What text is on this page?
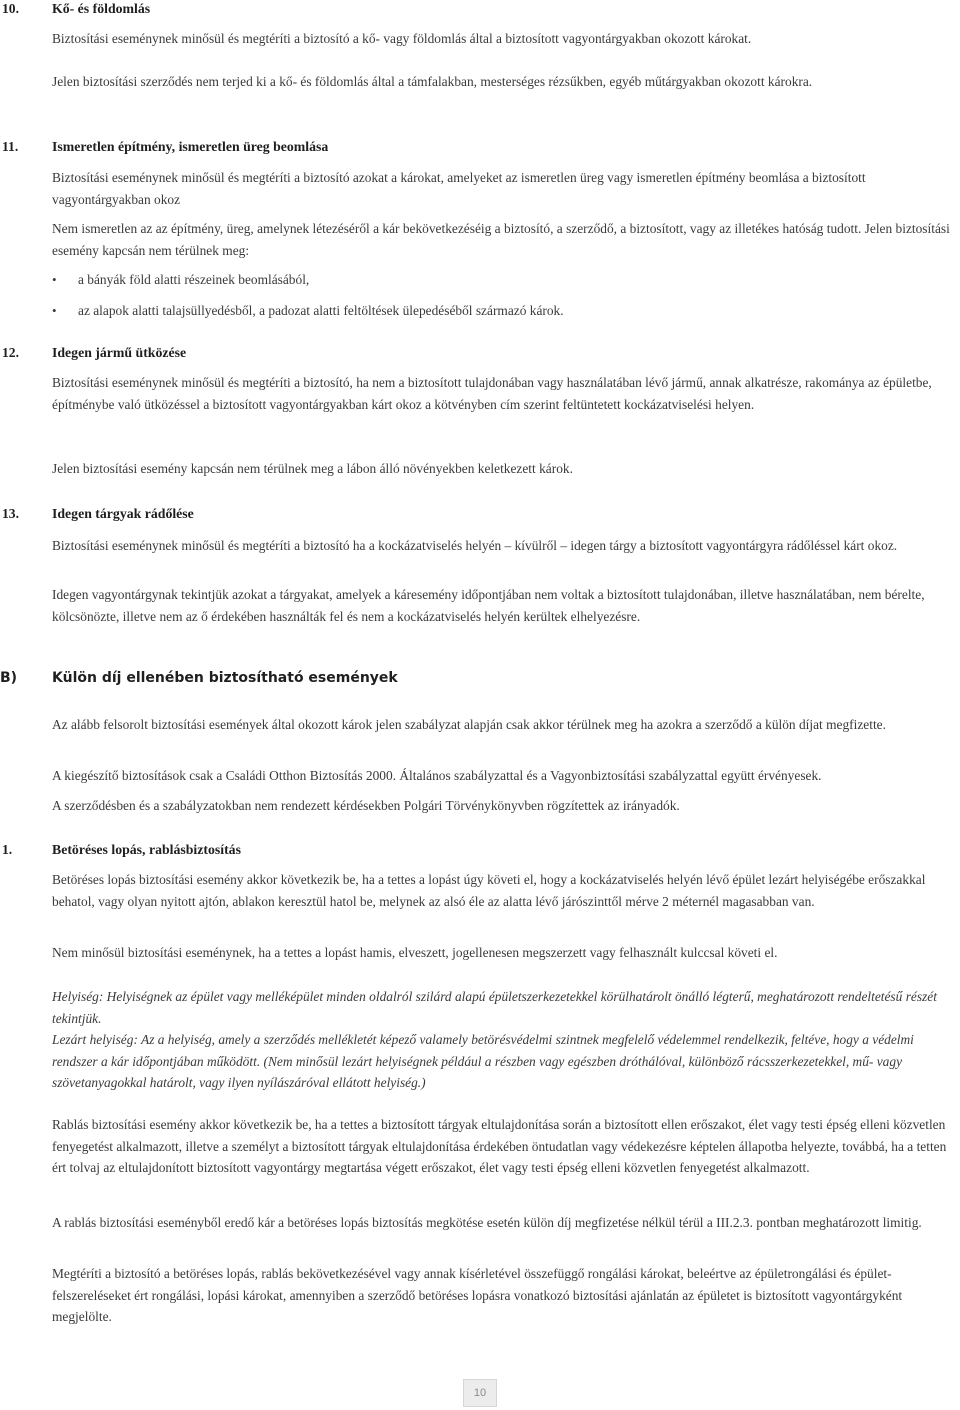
10. Kő- és földomlás

Biztosítási eseménynek minősül és megtéríti a biztosító a kő- vagy földomlás által a biztosított vagyontárgyakban okozott károkat.

Jelen biztosítási szerződés nem terjed ki a kő- és földomlás által a támfalakban, mesterséges rézsűkben, egyéb műtárgyakban okozott károkra.

11. Ismeretlen építmény, ismeretlen üreg beomlása

Biztosítási eseménynek minősül és megtéríti a biztosító azokat a károkat, amelyeket az ismeretlen üreg vagy ismeretlen építmény beomlása a biztosított vagyontárgyakban okoz

Nem ismeretlen az az építmény, üreg, amelynek létezéséről a kár bekövetkezéséig a biztosító, a szerződő, a biztosított, vagy az illetékes hatóság tudott. Jelen biztosítási esemény kapcsán nem térülnek meg:

• a bányák föld alatti részeinek beomlásából,
• az alapok alatti talajsüllyedésből, a padozat alatti feltöltések ülepedéséből származó károk.
12. Idegen jármű ütközése

Biztosítási eseménynek minősül és megtéríti a biztosító, ha nem a biztosított tulajdonában vagy használatában lévő jármű, annak alkatrésze, rakománya az épületbe, építménybe való ütközéssel a biztosított vagyontárgyakban kárt okoz a kötvényben cím szerint feltüntetett kockázatviselési helyen.

Jelen biztosítási esemény kapcsán nem térülnek meg a lábon álló növényekben keletkezett károk.

13. Idegen tárgyak rádőlése

Biztosítási eseménynek minősül és megtéríti a biztosító ha a kockázatviselés helyén – kívülről – idegen tárgy a biztosított vagyontárgyra rádőléssel kárt okoz.

Idegen vagyontárgynak tekintjük azokat a tárgyakat, amelyek a káresemény időpontjában nem voltak a biztosított tulajdonában, illetve használatában, nem bérelte, kölcsönözte, illetve nem az ő érdekében használták fel és nem a kockázatviselés helyén kerültek elhelyezésre.

B) Külön díj ellenében biztosítható események

Az alább felsorolt biztosítási események által okozott károk jelen szabályzat alapján csak akkor térülnek meg ha azokra a szerződő a külön díjat megfizette.

A kiegészítő biztosítások csak a Családi Otthon Biztosítás 2000. Általános szabályzattal és a Vagyonbiztosítási szabályzattal együtt érvényesek.

A szerződésben és a szabályzatokban nem rendezett kérdésekben Polgári Törvénykönyvben rögzítettek az irányadók.

1.	Betöréses lopás, rablásbiztosítás

Betöréses lopás biztosítási esemény akkor következik be, ha a tettes a lopást úgy követi el, hogy a kockázatviselés helyén lévő épület lezárt helyiségébe erőszakkal behatol, vagy olyan nyitott ajtón, ablakon keresztül hatol be, melynek az alsó éle az alatta lévő járószinttől mérve 2 méternél magasabban van.

Nem minősül biztosítási eseménynek, ha a tettes a lopást hamis, elveszett, jogellenesen megszerzett vagy felhasznált kulccsal követi el.

Helyiség: Helyiségnek az épület vagy melléképület minden oldalról szilárd alapú épületszerkezetekkel körülhatárolt önálló légterű, meghatározott rendeltetésű részét tekintjük.

Lezárt helyiség: Az a helyiség, amely a szerződés mellékletét képező valamely betörésvédelmi szintnek megfelelő védelemmel rendelkezik, feltéve, hogy a védelmi rendszer a kár időpontjában működött. (Nem minősül lezárt helyiségnek például a részben vagy egészben dróthálóval, különböző rácsszerkezetekkel, mű- vagy szövetanyagokkal határolt, vagy ilyen nyílászáróval ellátott helyiség.)

Rablás biztosítási esemény akkor következik be, ha a tettes a biztosított tárgyak eltulajdonítása során a biztosított ellen erőszakot, élet vagy testi épség elleni közvetlen fenyegetést alkalmazott, illetve a személyt a biztosított tárgyak eltulajdonítása érdekében öntudatlan vagy védekezésre képtelen állapotba helyezte, továbbá, ha a tetten ért tolvaj az eltulajdonított biztosított vagyontárgy megtartása végett erőszakot, élet vagy testi épség elleni közvetlen fenyegetést alkalmazott.

A rablás biztosítási eseményből eredő kár a betöréses lopás biztosítás megkötése esetén külön díj megfizetése nélkül térül a III.2.3. pontban meghatározott limitig.

Megtéríti a biztosító a betöréses lopás, rablás bekövetkezésével vagy annak kísérletével összefüggő rongálási károkat, beleértve az épületrongálási és épület-felszereléseket ért rongálási, lopási károkat, amennyiben a szerződő betöréses lopásra vonatkozó biztosítási ajánlatán az épületet is biztosított vagyontárgyként megjelölte.

10
